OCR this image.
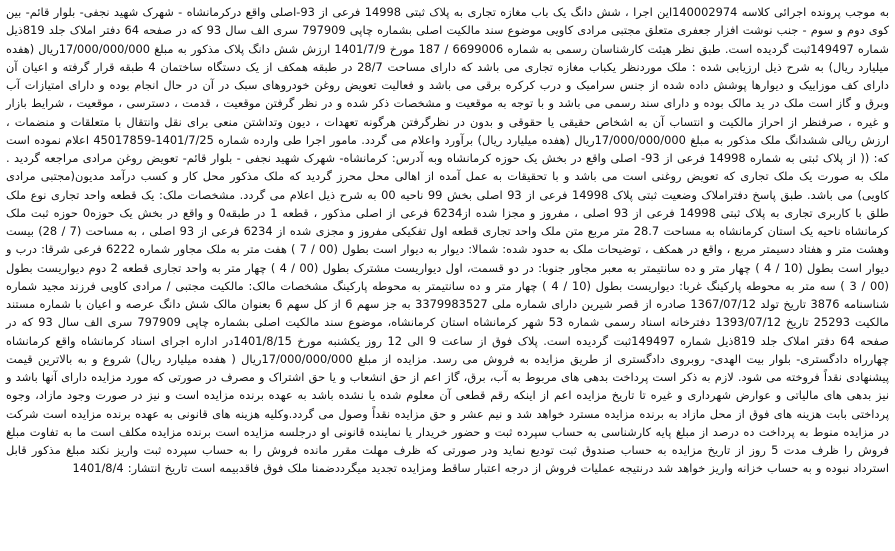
به موجب پرونده اجرائی کلاسه 140002974این اجرا ، شش دانگ یک باب مغازه تجاری به پلاک ثبتی 14998 فرعی از 93-اصلی واقع درکرمانشاه - شهرک شهید نجفی- بلوار قائم- بین کوی دوم و سوم - جنب نوشت افزار جعفری متعلق مجتبی مرادی کاویی موضوع سند مالکیت اصلی بشماره چاپی 797909 سری الف سال 93 که در صفحه 64 دفتر املاک جلد 819ذیل شماره 149497ثبت گردیده است. طبق نظر هیئت کارشناسان رسمی به شماره 6699006 / 187 مورخ 1401/7/9 ارزش شش دانگ پلاک مذکور به مبلغ 17/000/000/000ریال (هفده میلیارد ریال) به شرح ذیل ارزیابی شده : ملک موردنظر یکباب مغازه تجاری می باشد که دارای مساحت 28/7 در طبقه همکف از یک دستگاه ساختمان 4 طبقه قرار گرفته و اعیان آن دارای کف موزاییک و دیوارها پوشش داده شده از جنس سرامیک و درب کرکره برقی می باشد و فعالیت تعویض روغن خودروهای سبک در آن در حال انجام بوده و دارای امتیازات آب وبرق و گاز است ملک در ید مالک بوده و دارای سند رسمی می باشد و با توجه به موقعیت و مشخصات ذکر شده و در نظر گرفتن موقعیت ، قدمت ، دسترسی ، موقعیت ، شرایط بازار و غیره ، صرفنظر از احراز مالکیت و انتساب آن به اشخاص حقیقی یا حقوقی و بدون در نظرگرفتن هرگونه تعهدات ، دیون وتداشتن منعی برای نقل وانتقال با متعلقات و منضمات ، ارزش ریالی ششدانگ ملک مذکور به مبلغ 17/000/000/000ریال (هفده میلیارد ریال) برآورد واعلام می گردد. مامور اجرا طی وارده شماره 1401/7/25-45017859 اعلام نموده است که: (( از پلاک ثبتی به شماره 14998 فرعی از 93- اصلی واقع در بخش یک حوزه کرمانشاه وبه آدرس: کرمانشاه- شهرک شهید نجفی - بلوار قائم- تعویض روغن مرادی مراجعه گردید . ملک به صورت یک ملک تجاری که تعویض روغنی است می باشد و با تحقیقات به عمل آمده از اهالی محل محرز گردید که ملک مذکور محل کار و کسب درآمد مدیون(مجتبی مرادی کاویی) می باشد. طبق پاسخ دفتراملاک وضعیت ثبتی پلاک 14998 فرعی از 93 اصلی بخش 99 ناحیه 00 به شرح ذیل اعلام می گردد. مشخصات ملک: یک قطعه واحد تجاری نوع ملک طلق با کاربری تجاری به پلاک ثبتی 14998 فرعی از 93 اصلی ، مفروز و مجزا شده از6234 فرعی از اصلی مذکور ، قطعه 1 در طبقه0 و واقع در بخش یک حوزه0 حوزه ثبت ملک کرمانشاه ناحیه یک استان کرمانشاه به مساحت 28.7 متر مربع متن ملک واحد تجاری قطعه اول تفکیکی مفروز و مجزی شده از 6234 فرعی از 93 اصلی ، به مساحت (7 / 28) بیست وهشت متر و هفتاد دسیمتر مربع ، واقع در همکف ، توضیحات ملک به حدود شده: شمالا: دیوار به دیوار است بطول (00 / 7 ) هفت متر به ملک مجاور شماره 6222 فرعی شرقا: درب و دیوار است بطول (10 / 4 ) چهار متر و ده سانتیمتر به معبر مجاور جنوبا: در دو قسمت، اول دیواریست مشترک بطول (00 / 4 ) چهار متر به واحد تجاری قطعه 2 دوم دیواریست بطول (00 / 3 ) سه متر به محوطه پارکینگ غربا: دیواریست بطول (10 / 4 ) چهار متر و ده سانتیمتر به محوطه پارکینگ مشخصات مالک: مالکیت مجتبی / مرادی کاویی فرزند مجید شماره شناسنامه 3876 تاریخ تولد 1367/07/12 صادره از قصر شیرین دارای شماره ملی 3379983527 به جز سهم 6 از کل سهم 6 بعنوان مالک شش دانگ عرصه و اعیان با شماره مستند مالکیت 25293 تاریخ 1393/07/12 دفترخانه اسناد رسمی شماره 53 شهر کرمانشاه استان کرمانشاه، موضوع سند مالکیت اصلی بشماره چاپی 797909 سری الف سال 93 که در صفحه 64 دفتر املاک جلد 819ذیل شماره 149497ثبت گردیده است. پلاک فوق از ساعت 9 الی 12 روز یکشنبه مورخ 1401/8/15در اداره اجرای اسناد کرمانشاه واقع کرمانشاه چهارراه دادگستری- بلوار بیت الهدی- روبروی دادگستری از طریق مزایده به فروش می رسد. مزایده از مبلغ 17/000/000/000ریال ( هفده میلیارد ریال) شروع و به بالاترین قیمت پیشنهادی نقداً فروخته می شود. لازم به ذکر است پرداخت بدهی های مربوط به آب، برق، گاز اعم از حق انشعاب و یا حق اشتراک و مصرف در صورتی که مورد مزایده دارای آنها باشد و نیز بدهی های مالیاتی و عوارض شهرداری و غیره تا تاریخ مزایده اعم از اینکه رقم قطعی آن معلوم شده یا نشده باشد به عهده برنده مزایده است و نیز در صورت وجود مازاد، وجوه پرداختی بابت هزینه های فوق از محل مازاد به برنده مزایده مسترد خواهد شد و نیم عشر و حق مزایده نقداً وصول می گردد.وکلیه هزینه های قانونی به عهده برنده مزایده است شرکت در مزایده منوط به پرداخت ده درصد از مبلغ پایه کارشناسی به حساب سپرده ثبت و حضور خریدار یا نماینده قانونی او درجلسه مزایده است برنده مزایده مکلف است ما به تفاوت مبلغ فروش را ظرف مدت 5 روز از تاریخ مزایده به حساب صندوق ثبت تودیع نماید ودر صورتی که ظرف مهلت مقرر مانده فروش را به حساب سپرده ثبت واریز نکند مبلغ مذکور قابل استرداد نبوده و به حساب خزانه واریز خواهد شد درنتیجه عملیات فروش از درجه اعتبار ساقط ومزایده تجدید میگرددضمنا ملک فوق فاقدبیمه است تاریخ انتشار: 1401/8/4
